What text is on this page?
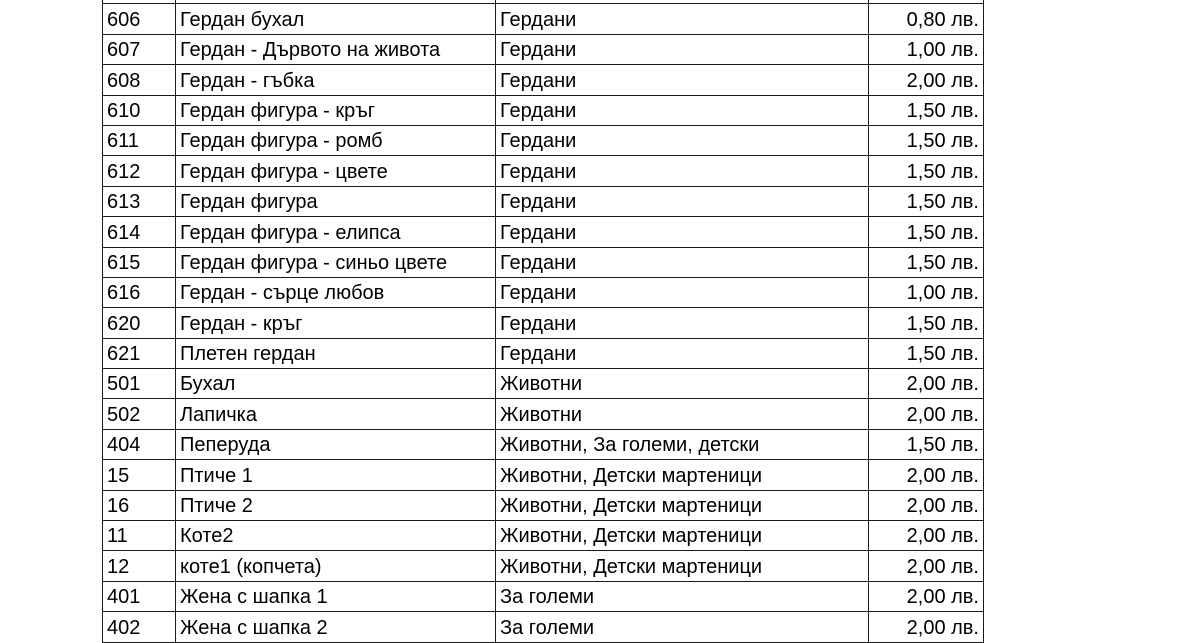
606	Гердан бухал	Гердани	0,80 лв.
607	Гердан - Дървото на живота	Гердани	1,00 лв.
608	Гердан - гъбка	Гердани	2,00 лв.
610	Гердан фигура - кръг	Гердани	1,50 лв.
611	Гердан фигура - ромб	Гердани	1,50 лв.
612	Гердан фигура - цвете	Гердани	1,50 лв.
613	Гердан фигура	Гердани	1,50 лв.
614	Гердан фигура - елипса	Гердани	1,50 лв.
615	Гердан фигура - синьо цвете	Гердани	1,50 лв.
616	Гердан - сърце любов	Гердани	1,00 лв.
620	Гердан - кръг	Гердани	1,50 лв.
621	Плетен гердан	Гердани	1,50 лв.
501	Бухал	Животни	2,00 лв.
502	Лапичка	Животни	2,00 лв.
404	Пеперуда	Животни, За големи, детски	1,50 лв.
15	Птиче 1	Животни, Детски мартеници	2,00 лв.
16	Птиче 2	Животни, Детски мартеници	2,00 лв.
11	Коте2	Животни, Детски мартеници	2,00 лв.
12	коте1 (копчета)	Животни, Детски мартеници	2,00 лв.
401	Жена с шапка 1	За големи	2,00 лв.
402	Жена с шапка 2	За големи	2,00 лв.
